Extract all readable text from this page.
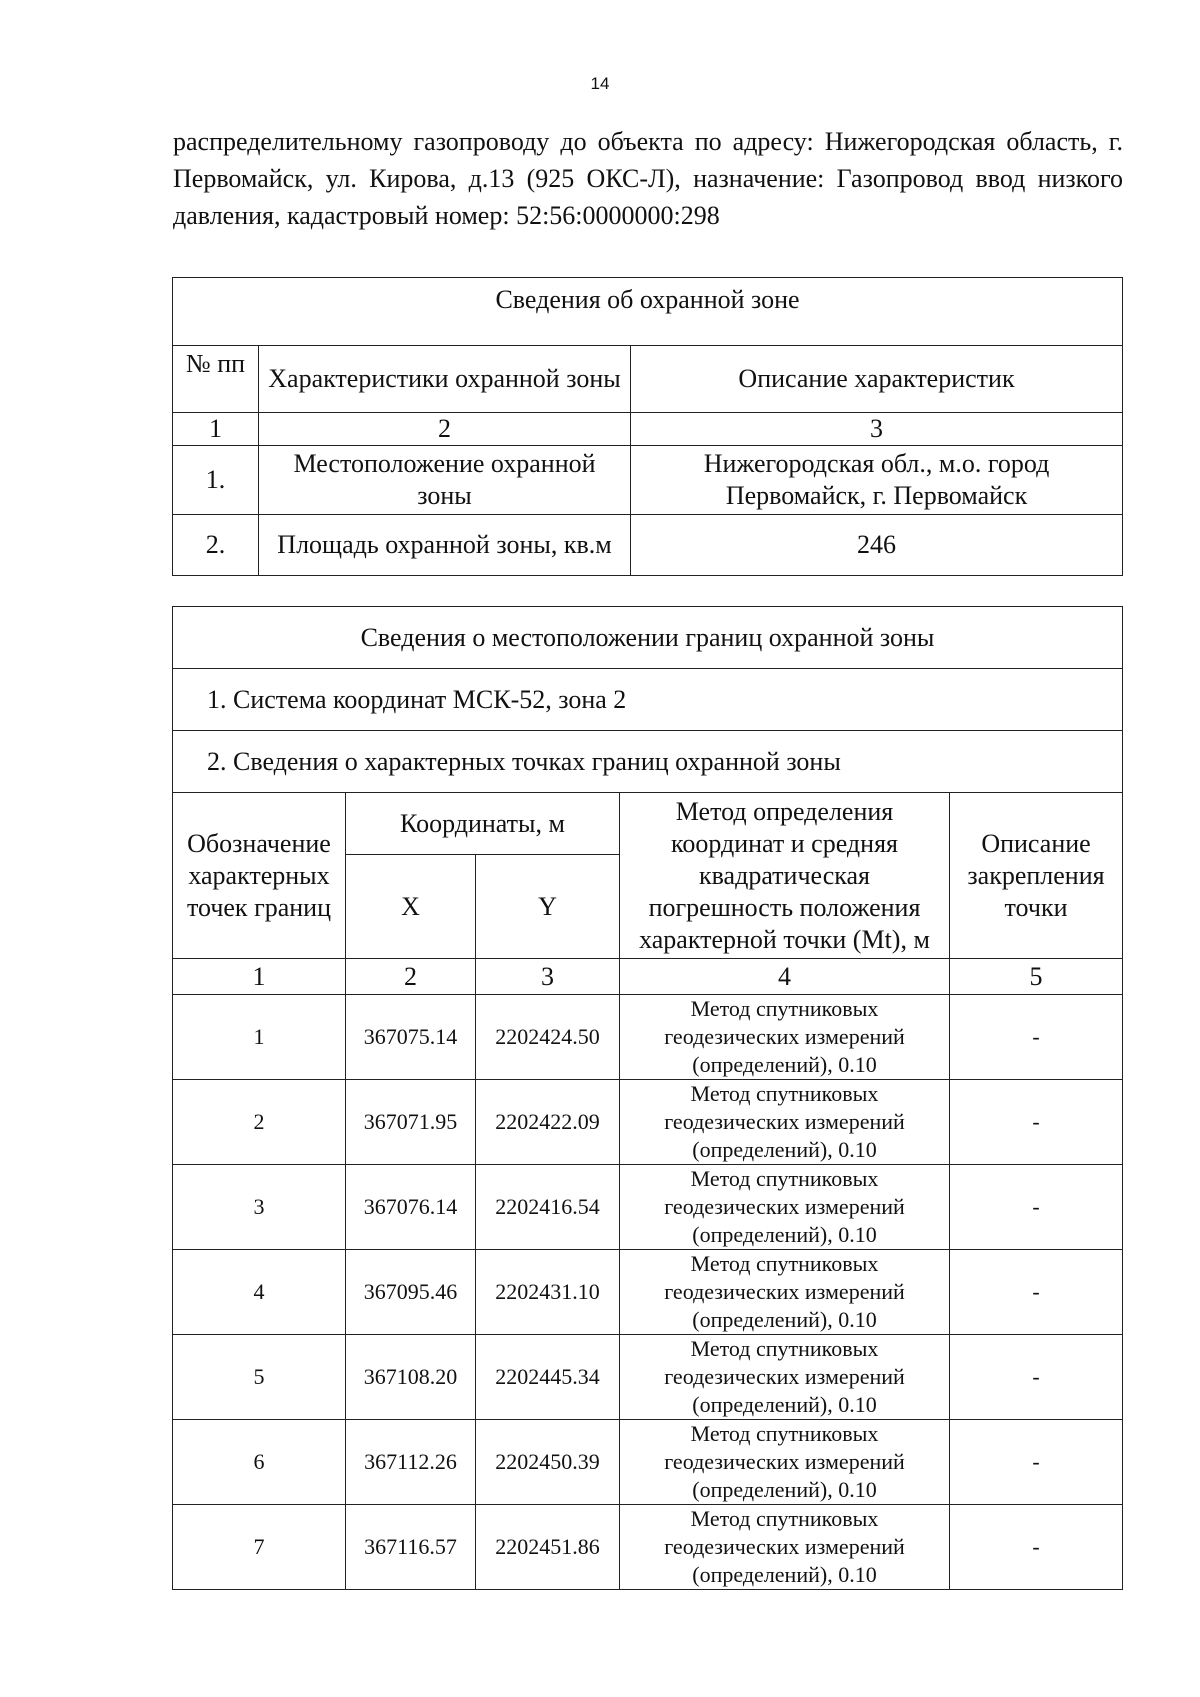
14

распределительному газопроводу до объекта по адресу: Нижегородская область, г. Первомайск, ул. Кирова, д.13 (925 ОКС-Л), назначение: Газопровод ввод низкого давления, кадастровый номер: 52:56:0000000:298

Сведения об охранной зоне		
№ пп	Характеристики охранной зоны	Описание характеристик
1	2	3
1.	Местоположение охранной зоны	Нижегородская обл., м.о. город Первомайск, г. Первомайск
2.	Площадь охранной зоны, кв.м	246
Сведения о местоположении границ охранной зоны				
1. Система координат МСК-52, зона 2				
2. Сведения о характерных точках границ охранной зоны				
Обозначение характерных точек границ	Координаты, м		Метод определения координат и средняя квадратическая погрешность положения характерной точки (Mt), м	Описание закрепления точки
	X	Y		
1	2	3	4	5
1	367075.14	2202424.50	Метод спутниковых геодезических измерений (определений), 0.10	-
2	367071.95	2202422.09	Метод спутниковых геодезических измерений (определений), 0.10	-
3	367076.14	2202416.54	Метод спутниковых геодезических измерений (определений), 0.10	-
4	367095.46	2202431.10	Метод спутниковых геодезических измерений (определений), 0.10	-
5	367108.20	2202445.34	Метод спутниковых геодезических измерений (определений), 0.10	-
6	367112.26	2202450.39	Метод спутниковых геодезических измерений (определений), 0.10	-
7	367116.57	2202451.86	Метод спутниковых геодезических измерений (определений), 0.10	-
